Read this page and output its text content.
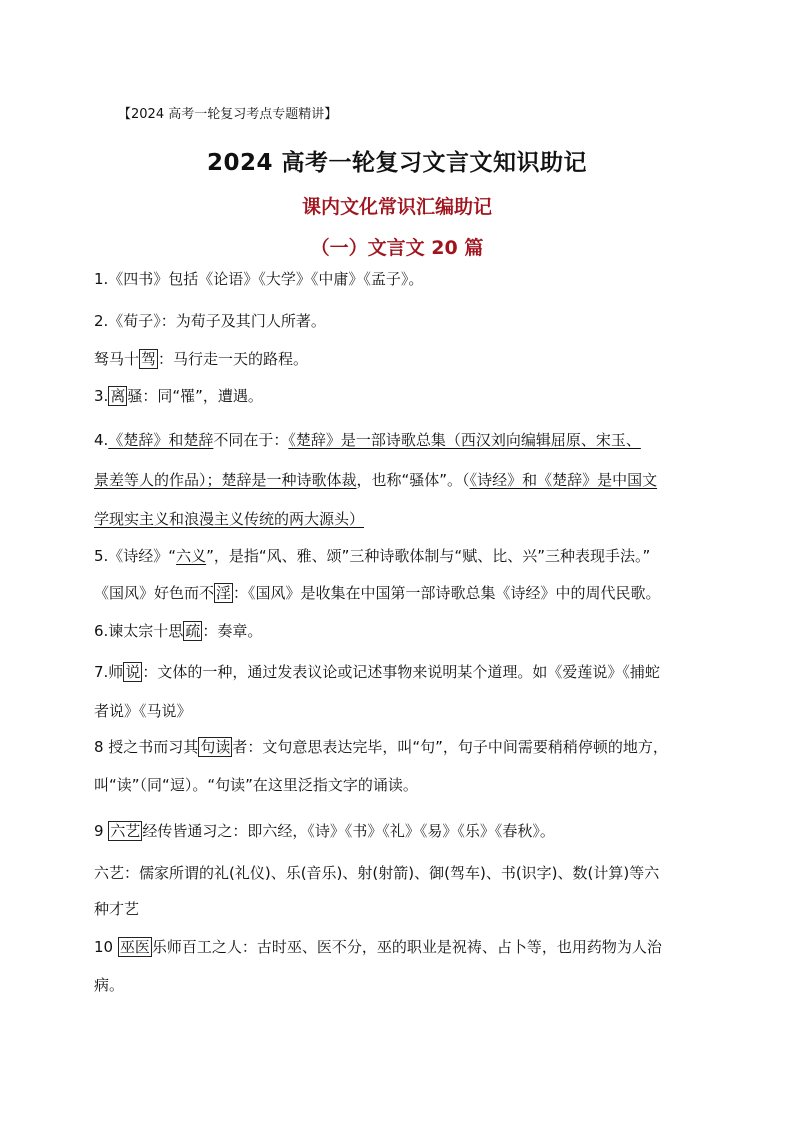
【2024 高考一轮复习考点专题精讲】
2024 高考一轮复习文言文知识助记
课内文化常识汇编助记
（一）文言文 20 篇
1.《四书》包括《论语》《大学》《中庸》《孟子》。
2.《荀子》：为荀子及其门人所著。
驽马十 驾 ：马行走一天的路程。
3. 离 骚：同“罹”，遭遇。
4.《楚辞》和楚辞不同在于：《楚辞》是一部诗歌总集（西汉刘向编辑屈原、宋玉、
景差等人的作品）；楚辞是一种诗歌体裁，也称“骚体”。（《诗经》和《楚辞》是中国文
学现实主义和浪漫主义传统的两大源头）
5.《诗经》“六义”，是指“风、雅、颂”三种诗歌体制与“赋、比、兴”三种表现手法。”
《国风》好色而不 淫 ：《国风》是收集在中国第一部诗歌总集《诗经》中的周代民歌。
6.谏太宗十思 疏 ：奏章。
7.师 说 ：文体的一种，通过发表议论或记述事物来说明某个道理。如《爱莲说》《捕蛇
者说》《马说》
8 授之书而习其 句读 者：文句意思表达完毕，叫“句”，句子中间需要稍稍停顿的地方，
叫“读”（同“逗）。“句读”在这里泛指文字的诵读。
9 六艺 经传皆通习之：即六经，《诗》《书》《礼》《易》《乐》《春秋》。
六艺：儒家所谓的礼(礼仪)、乐(音乐)、射(射箭)、御(驾车)、书(识字)、数(计算)等六
种才艺
10 巫医 乐师百工之人：古时巫、医不分，巫的职业是祝祷、占卜等，也用药物为人治
病。
